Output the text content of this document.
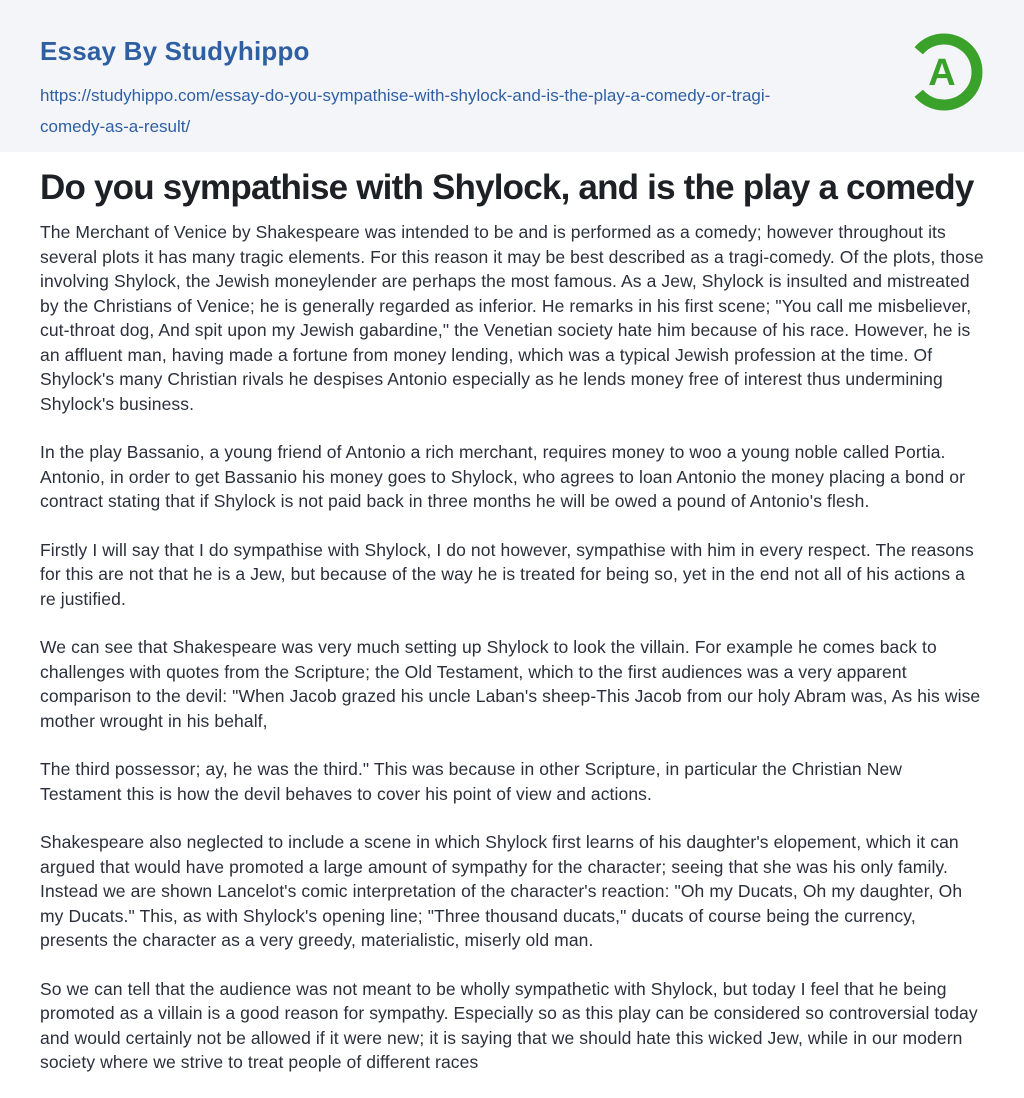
Essay By Studyhippo
https://studyhippo.com/essay-do-you-sympathise-with-shylock-and-is-the-play-a-comedy-or-tragi-comedy-as-a-result/
A
Do you sympathise with Shylock, and is the play a comedy

The Merchant of Venice by Shakespeare was intended to be and is performed as a comedy; however throughout its several plots it has many tragic elements. For this reason it may be best described as a tragi-comedy. Of the plots, those involving Shylock, the Jewish moneylender are perhaps the most famous. As a Jew, Shylock is insulted and mistreated by the Christians of Venice; he is generally regarded as inferior. He remarks in his first scene; "You call me misbeliever, cut-throat dog, And spit upon my Jewish gabardine," the Venetian society hate him because of his race. However, he is an affluent man, having made a fortune from money lending, which was a typical Jewish profession at the time. Of Shylock's many Christian rivals he despises Antonio especially as he lends money free of interest thus undermining Shylock's business.

In the play Bassanio, a young friend of Antonio a rich merchant, requires money to woo a young noble called Portia. Antonio, in order to get Bassanio his money goes to Shylock, who agrees to loan Antonio the money placing a bond or contract stating that if Shylock is not paid back in three months he will be owed a pound of Antonio's flesh.

Firstly I will say that I do sympathise with Shylock, I do not however, sympathise with him in every respect. The reasons for this are not that he is a Jew, but because of the way he is treated for being so, yet in the end not all of his actions a re justified.

We can see that Shakespeare was very much setting up Shylock to look the villain. For example he comes back to challenges with quotes from the Scripture; the Old Testament, which to the first audiences was a very apparent comparison to the devil: "When Jacob grazed his uncle Laban's sheep-This Jacob from our holy Abram was, As his wise mother wrought in his behalf,

The third possessor; ay, he was the third." This was because in other Scripture, in particular the Christian New Testament this is how the devil behaves to cover his point of view and actions.

Shakespeare also neglected to include a scene in which Shylock first learns of his daughter's elopement, which it can argued that would have promoted a large amount of sympathy for the character; seeing that she was his only family. Instead we are shown Lancelot's comic interpretation of the character's reaction: "Oh my Ducats, Oh my daughter, Oh my Ducats." This, as with Shylock's opening line; "Three thousand ducats," ducats of course being the currency, presents the character as a very greedy, materialistic, miserly old man.

So we can tell that the audience was not meant to be wholly sympathetic with Shylock, but today I feel that he being promoted as a villain is a good reason for sympathy. Especially so as this play can be considered so controversial today and would certainly not be allowed if it were new; it is saying that we should hate this wicked Jew, while in our modern society where we strive to treat people of different races
